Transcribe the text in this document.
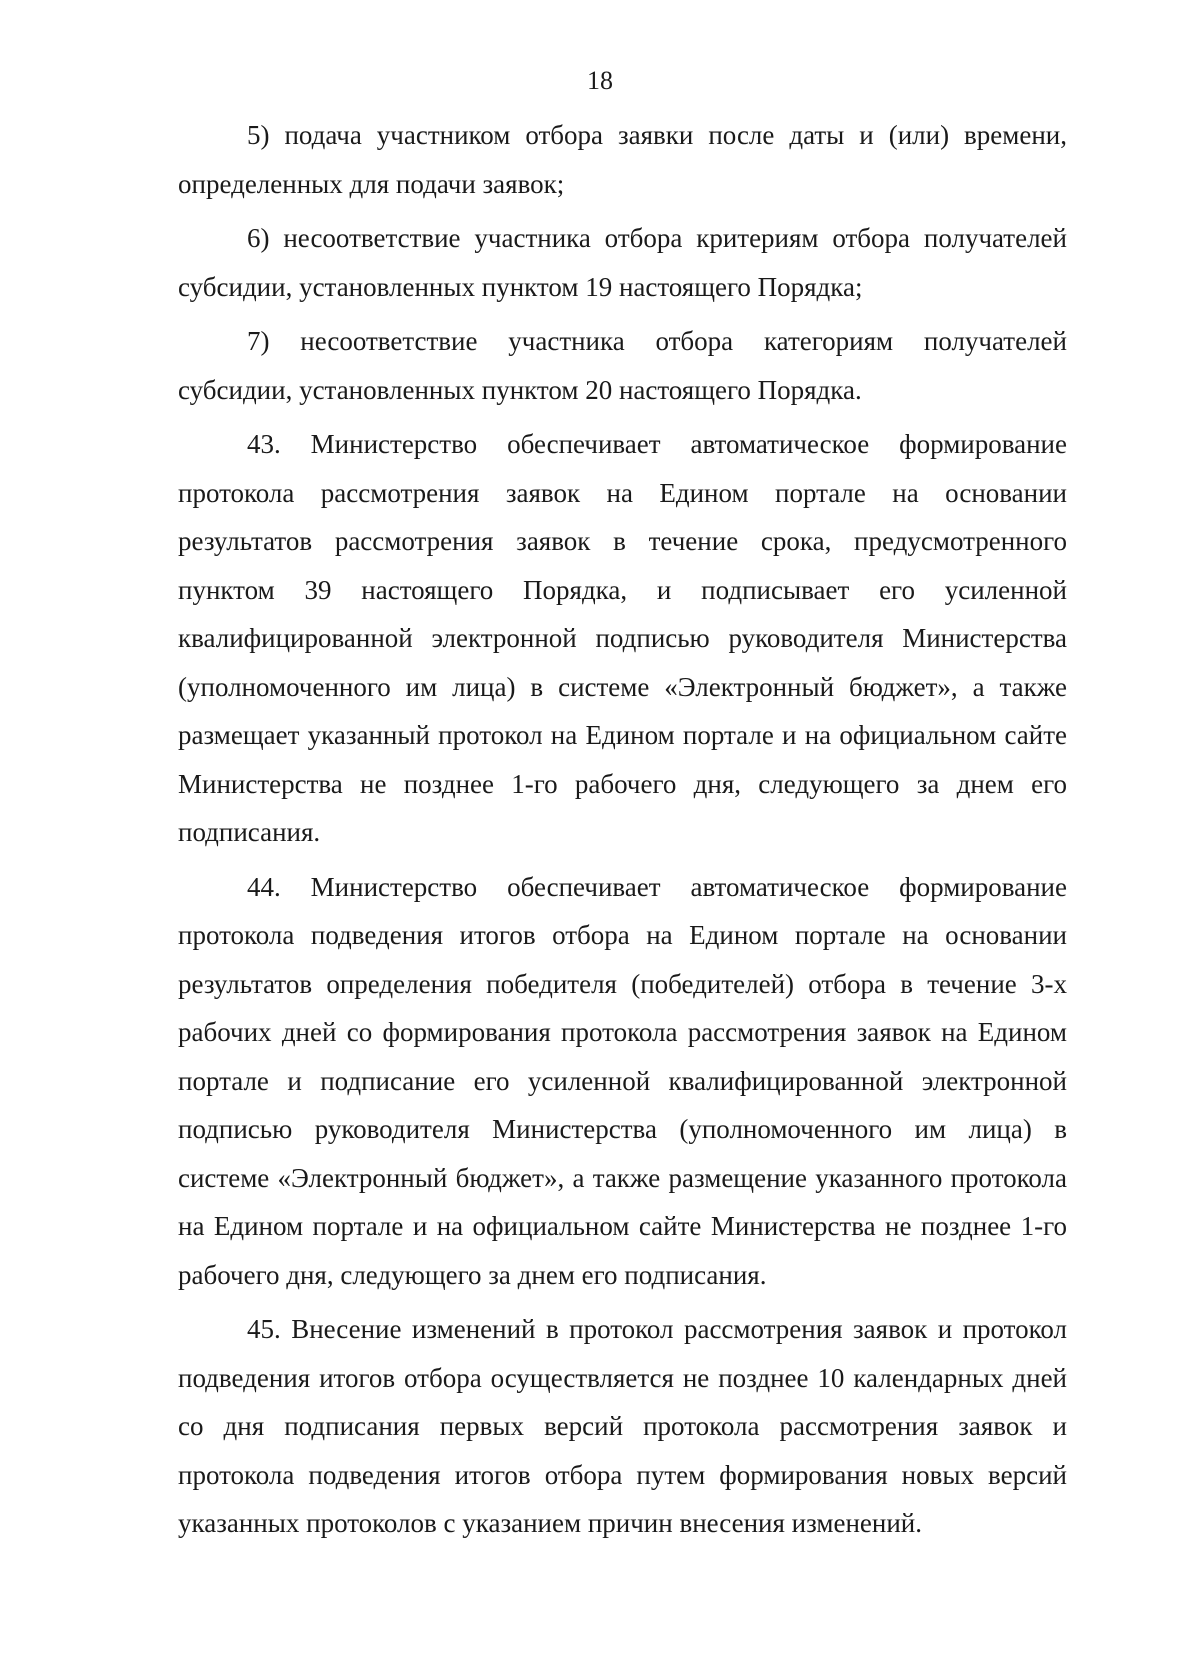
18

5) подача участником отбора заявки после даты и (или) времени, определенных для подачи заявок;

6) несоответствие участника отбора критериям отбора получателей субсидии, установленных пунктом 19 настоящего Порядка;

7) несоответствие участника отбора категориям получателей субсидии, установленных пунктом 20 настоящего Порядка.

43. Министерство обеспечивает автоматическое формирование протокола рассмотрения заявок на Едином портале на основании результатов рассмотрения заявок в течение срока, предусмотренного пунктом 39 настоящего Порядка, и подписывает его усиленной квалифицированной электронной подписью руководителя Министерства (уполномоченного им лица) в системе «Электронный бюджет», а также размещает указанный протокол на Едином портале и на официальном сайте Министерства не позднее 1-го рабочего дня, следующего за днем его подписания.

44. Министерство обеспечивает автоматическое формирование протокола подведения итогов отбора на Едином портале на основании результатов определения победителя (победителей) отбора в течение 3-х рабочих дней со формирования протокола рассмотрения заявок на Едином портале и подписание его усиленной квалифицированной электронной подписью руководителя Министерства (уполномоченного им лица) в системе «Электронный бюджет», а также размещение указанного протокола на Едином портале и на официальном сайте Министерства не позднее 1-го рабочего дня, следующего за днем его подписания.

45. Внесение изменений в протокол рассмотрения заявок и протокол подведения итогов отбора осуществляется не позднее 10 календарных дней со дня подписания первых версий протокола рассмотрения заявок и протокола подведения итогов отбора путем формирования новых версий указанных протоколов с указанием причин внесения изменений.
